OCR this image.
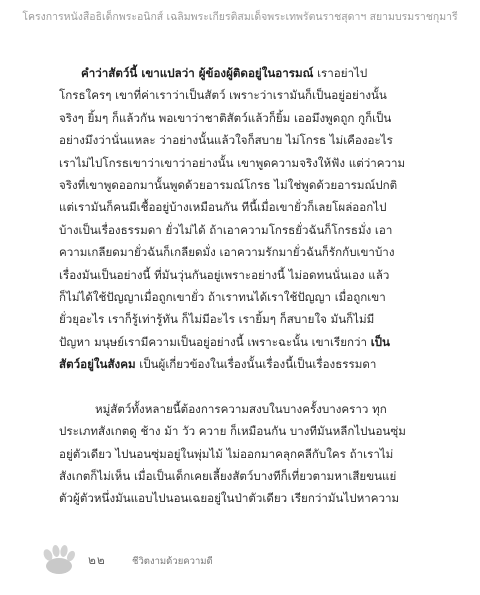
โครงการหนังสือธิเด็กพระอนิกส์ เฉลิมพระเกียรติสมเด็จพระเทพรัตนราชสุดาฯ สยามบรมราชกุมารี
คำว่าสัตว์นี้ เขาแปลว่า ผู้ข้องผู้ติดอยู่ในอารมณ์ เราอย่าไป
โกรธใครๆ เขาที่ค่าเราว่าเป็นสัตว์ เพราะว่าเรามันก็เป็นอยู่อย่างนั้น
จริงๆ ยิ้มๆ ก็แล้วกัน พอเขาว่าชาติสัตว์แล้วก็ยิ้ม เออมึงพูดถูก กูก็เป็น
อย่างมึงว่านั่นแหละ ว่าอย่างนั้นแล้วใจก็สบาย ไม่โกรธ ไม่เคืองอะไร
เราไม่ไปโกรธเขาว่าเขาว่าอย่างนั้น เขาพูดความจริงให้ฟัง แต่ว่าความ
จริงที่เขาพูดออกมานั้นพูดด้วยอารมณ์โกรธ ไม่ใช่พูดด้วยอารมณ์ปกติ
แต่เรามันก็คนมีเชื้ออยู่บ้างเหมือนกัน ทีนี้เมื่อเขายั่วก็เลยโผล่ออกไป
บ้างเป็นเรื่องธรรมดา ยั่วไม่ได้ ถ้าเอาความโกรธยั่วฉันก็โกรธมั่ง เอา
ความเกลียดมายั่วฉันก็เกลียดมั่ง เอาความรักมายั่วฉันก็รักกับเขาบ้าง
เรื่องมันเป็นอย่างนี้ ที่มันวุ่นกันอยู่เพราะอย่างนี้ ไม่อดทนนั่นเอง แล้ว
ก็ไม่ได้ใช้ปัญญาเมื่อถูกเขายั่ว ถ้าเราทนได้เราใช้ปัญญา เมื่อถูกเขา
ยั่วยุอะไร เราก็รู้เท่ารู้ทัน ก็ไม่มีอะไร เรายิ้มๆ ก็สบายใจ มันก็ไม่มี
ปัญหา มนุษย์เรามีความเป็นอยู่อย่างนี้ เพราะฉะนั้น เขาเรียกว่า เป็น
สัตว์อยู่ในสังคม เป็นผู้เกี่ยวข้องในเรื่องนั้นเรื่องนี้เป็นเรื่องธรรมดา
หมู่สัตว์ทั้งหลายนี้ต้องการความสงบในบางครั้งบางคราว ทุก
ประเภทสังเกตดู ช้าง ม้า วัว ควาย ก็เหมือนกัน บางทีมันหลีกไปนอนซุ่ม
อยู่ตัวเดียว ไปนอนซุ่มอยู่ในพุ่มไม้ ไม่ออกมาคลุกคลีกับใคร ถ้าเราไม่
สังเกตก็ไม่เห็น เมื่อเป็นเด็กเคยเลี้ยงสัตว์บางทีก็เที่ยวตามหาเสียขนแย่
ตัวผู้ตัวหนึ่งมันแอบไปนอนเฉยอยู่ในป่าตัวเดียว เรียกว่ามันไปหาความ
๒๒	ชีวิตงามด้วยความดี
